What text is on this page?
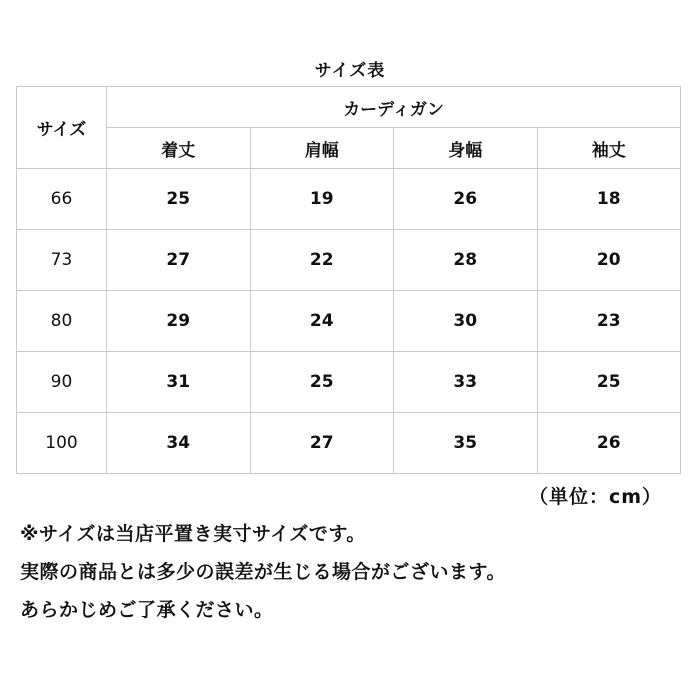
サイズ表
サイズ	カーディガン			
	着丈	肩幅	身幅	袖丈
66	25	19	26	18
73	27	22	28	20
80	29	24	30	23
90	31	25	33	25
100	34	27	35	26
（単位：cm）
※サイズは当店平置き実寸サイズです。
実際の商品とは多少の誤差が生じる場合がございます。
あらかじめご了承ください。
